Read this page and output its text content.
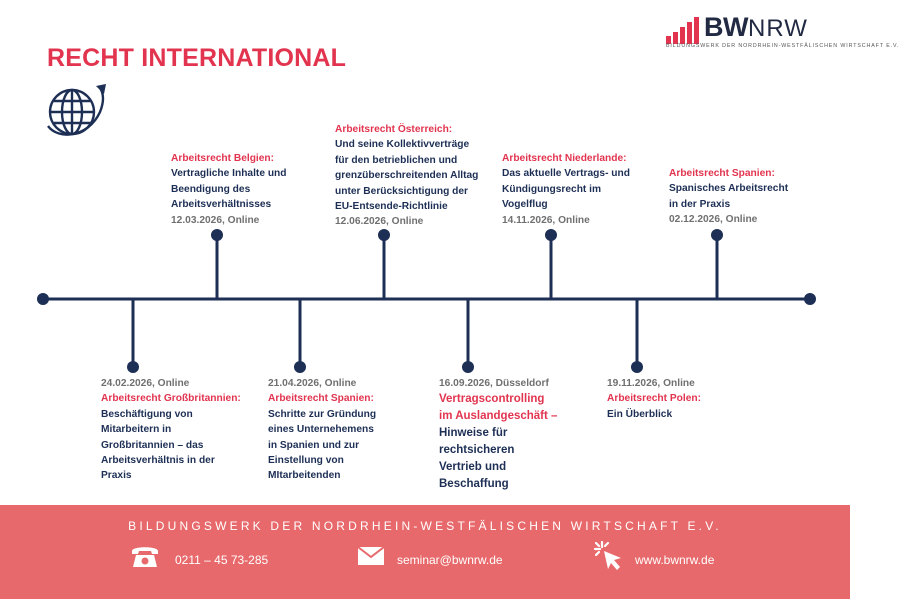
RECHT INTERNATIONAL
BWNRW
BILDUNGSWERK DER NORDRHEIN-WESTFÄLISCHEN WIRTSCHAFT E.V.
Arbeitsrecht Belgien:
Vertragliche Inhalte und
Beendigung des
Arbeitsverhältnisses
12.03.2026, Online
Arbeitsrecht Österreich:
Und seine Kollektivverträge
für den betrieblichen und
grenzüberschreitenden Alltag
unter Berücksichtigung der
EU-Entsende-Richtlinie
12.06.2026, Online
Arbeitsrecht Niederlande:
Das aktuelle Vertrags- und
Kündigungsrecht im
Vogelflug
14.11.2026, Online
Arbeitsrecht Spanien:
Spanisches Arbeitsrecht
in der Praxis
02.12.2026, Online
24.02.2026, Online
Arbeitsrecht Großbritannien:
Beschäftigung von
Mitarbeitern in
Großbritannien – das
Arbeitsverhältnis in der
Praxis
21.04.2026, Online
Arbeitsrecht Spanien:
Schritte zur Gründung
eines Unternehemens
in Spanien und zur
Einstellung von
MItarbeitenden
16.09.2026, Düsseldorf
Vertragscontrolling
im Auslandgeschäft –
Hinweise für
rechtsicheren
Vertrieb und
Beschaffung
19.11.2026, Online
Arbeitsrecht Polen:
Ein Überblick
BILDUNGSWERK DER NORDRHEIN-WESTFÄLISCHEN WIRTSCHAFT E.V.
0211 – 45 73-285	seminar@bwnrw.de	www.bwnrw.de
